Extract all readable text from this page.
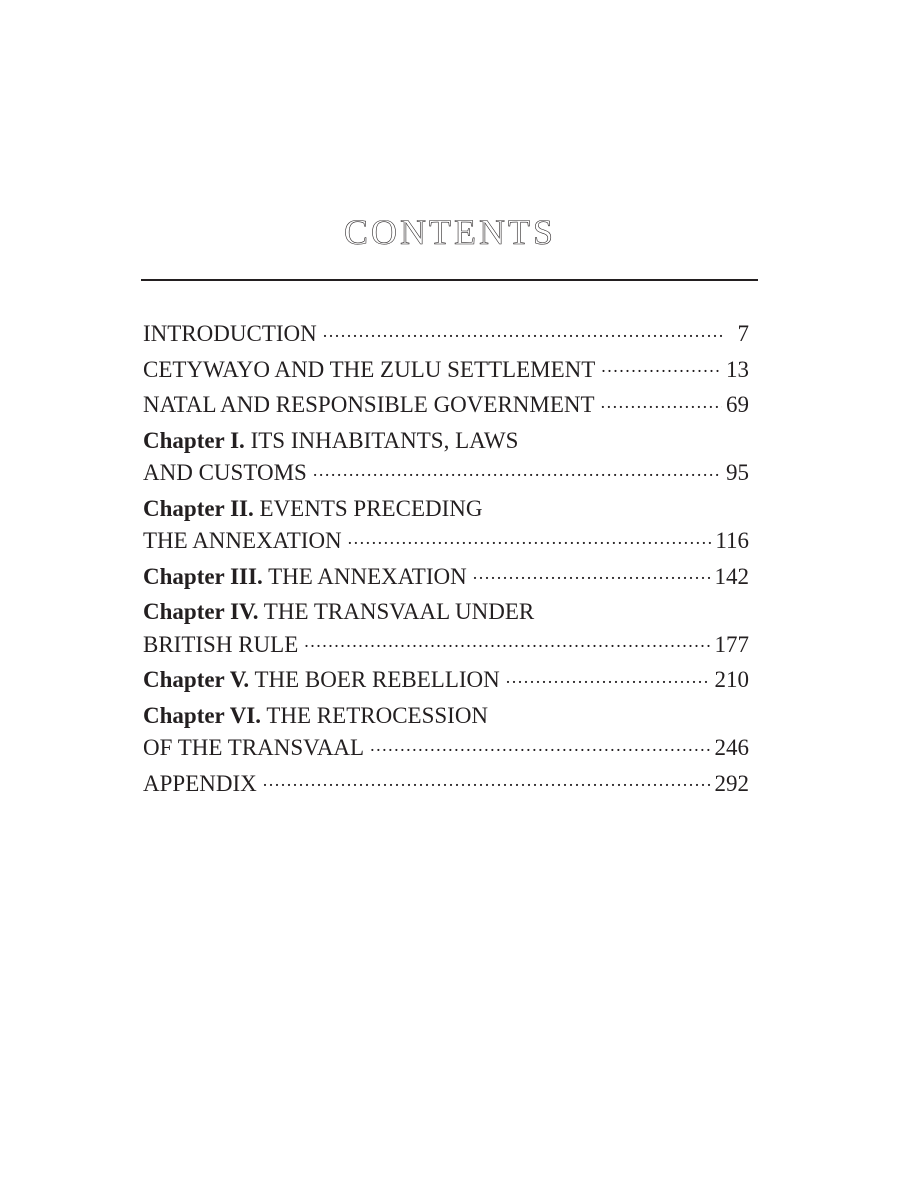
CONTENTS
INTRODUCTION . . .	7
CETYWAYO AND THE ZULU SETTLEMENT . . .	13
NATAL AND RESPONSIBLE GOVERNMENT . . .	69
Chapter I. ITS INHABITANTS, LAWS
AND CUSTOMS . . .	95
Chapter II. EVENTS PRECEDING
THE ANNEXATION . . .	116
Chapter III. THE ANNEXATION . . .	142
Chapter IV. THE TRANSVAAL UNDER
BRITISH RULE . . .	177
Chapter V. THE BOER REBELLION . . .	210
Chapter VI. THE RETROCESSION
OF THE TRANSVAAL . . .	246
APPENDIX . . .	292
